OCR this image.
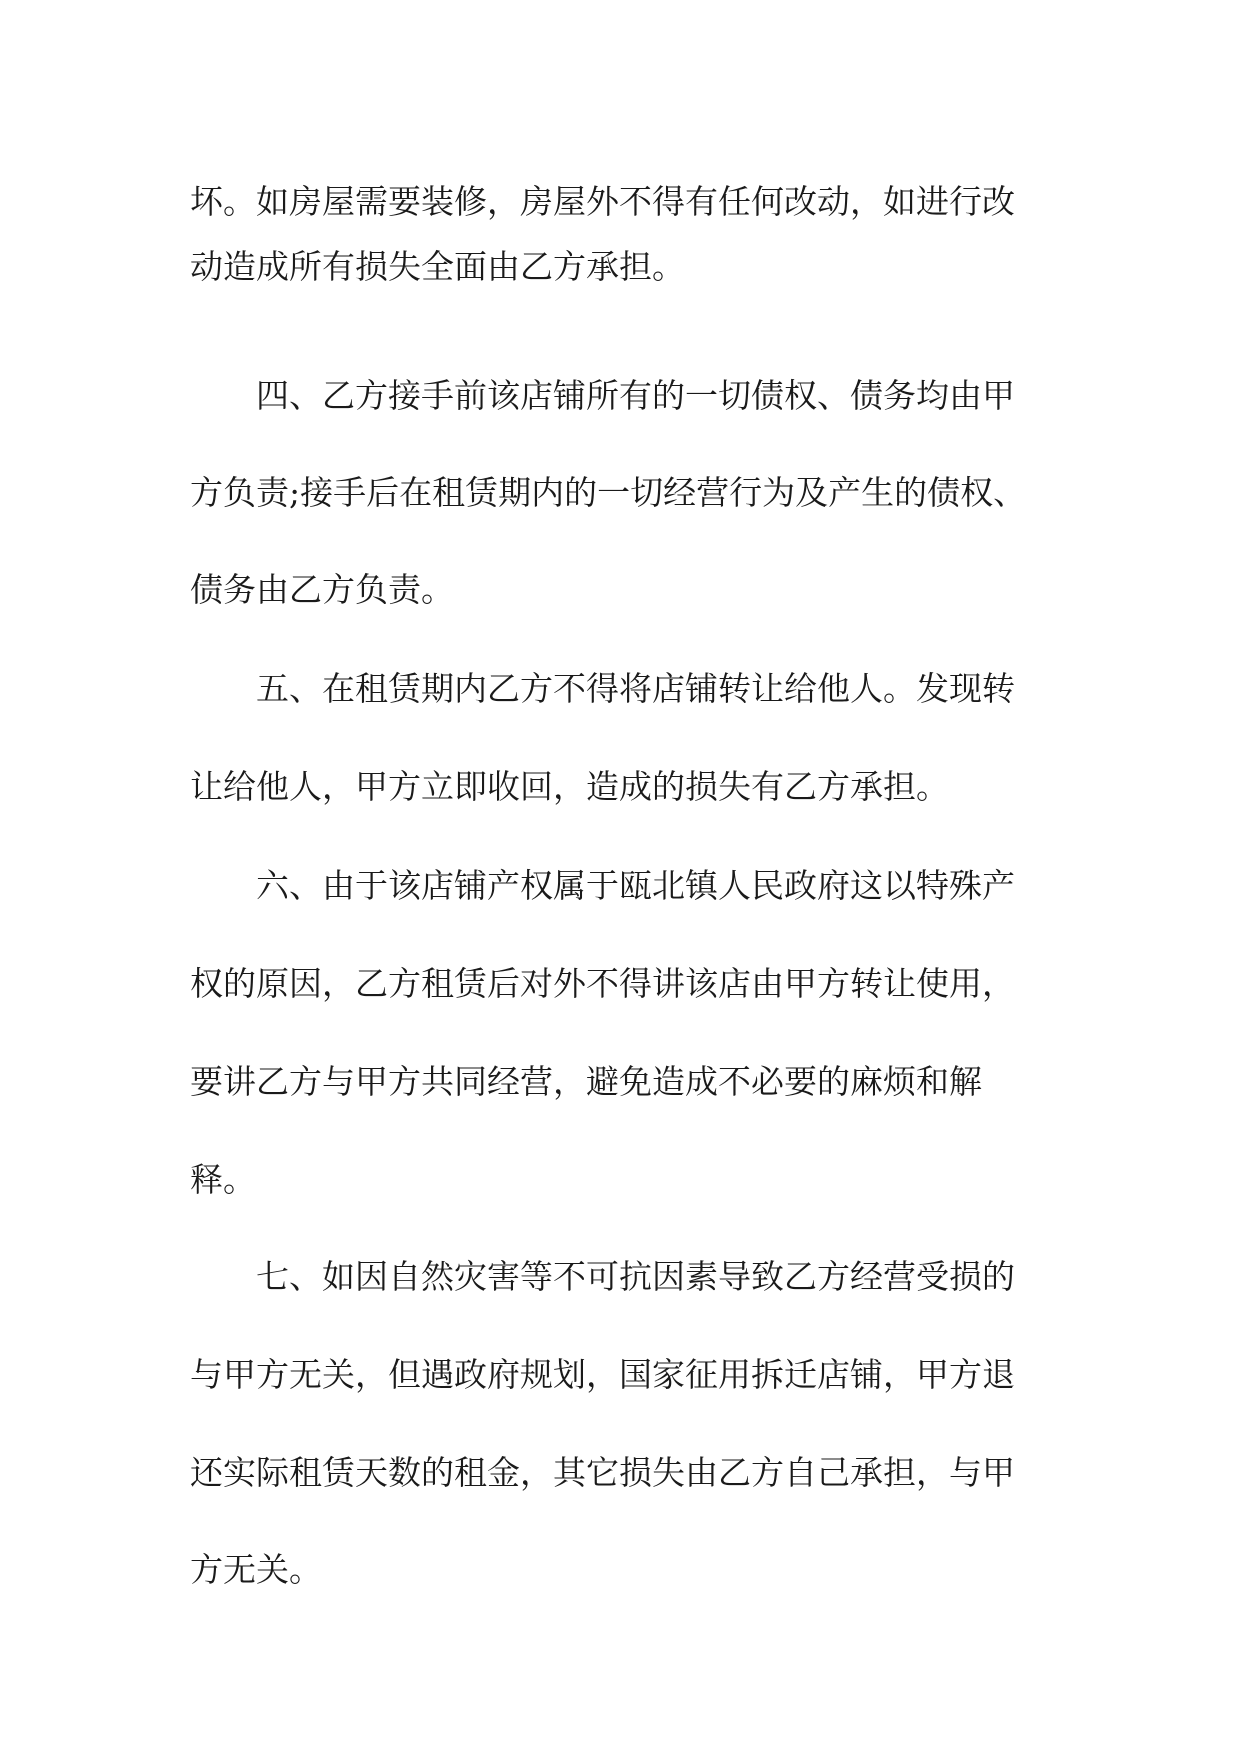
坏。如房屋需要装修，房屋外不得有任何改动，如进行改

动造成所有损失全面由乙方承担。

四、乙方接手前该店铺所有的一切债权、债务均由甲

方负责;接手后在租赁期内的一切经营行为及产生的债权、

债务由乙方负责。

五、在租赁期内乙方不得将店铺转让给他人。发现转

让给他人，甲方立即收回，造成的损失有乙方承担。

六、由于该店铺产权属于瓯北镇人民政府这以特殊产

权的原因，乙方租赁后对外不得讲该店由甲方转让使用，

要讲乙方与甲方共同经营，避免造成不必要的麻烦和解

释。

七、如因自然灾害等不可抗因素导致乙方经营受损的

与甲方无关，但遇政府规划，国家征用拆迁店铺，甲方退

还实际租赁天数的租金，其它损失由乙方自己承担，与甲

方无关。
